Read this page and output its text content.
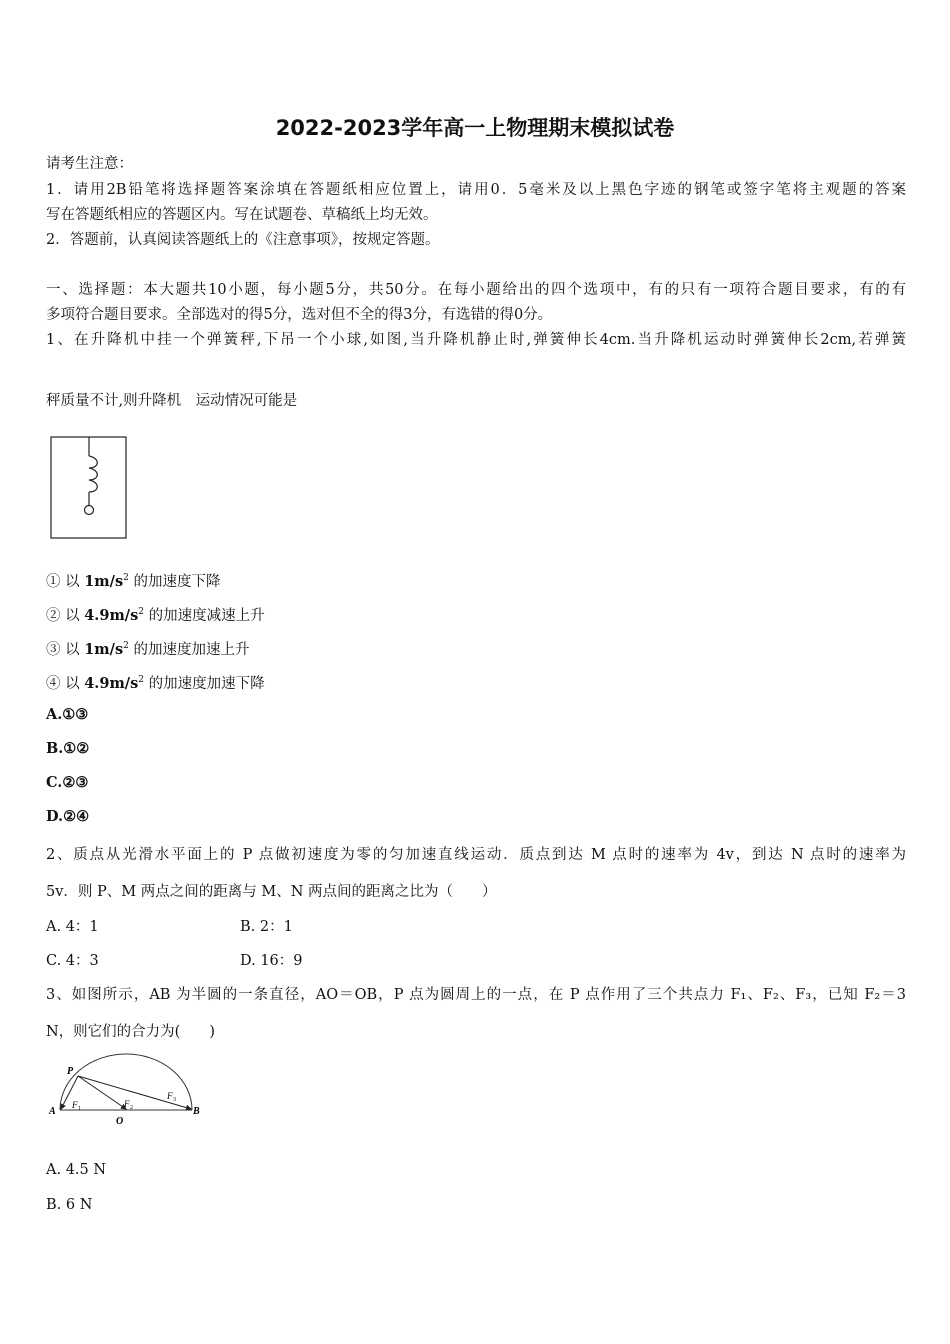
2022-2023学年高一上物理期末模拟试卷
请考生注意：
1．请用2B铅笔将选择题答案涂填在答题纸相应位置上，请用0．5毫米及以上黑色字迹的钢笔或签字笔将主观题的答案
写在答题纸相应的答题区内。写在试题卷、草稿纸上均无效。
2．答题前，认真阅读答题纸上的《注意事项》，按规定答题。
一、选择题：本大题共10小题，每小题5分，共50分。在每小题给出的四个选项中，有的只有一项符合题目要求，有的有
多项符合题目要求。全部选对的得5分，选对但不全的得3分，有选错的得0分。
1、在升降机中挂一个弹簧秤,下吊一个小球,如图,当升降机静止时,弹簧伸长4cm.当升降机运动时弹簧伸长2cm,若弹簧
秤质量不计,则升降机　运动情况可能是
① 以 $1m/s^2$ 的加速度下降
② 以 $4.9m/s^2$ 的加速度减速上升
③ 以 $1m/s^2$ 的加速度加速上升
④ 以 $4.9m/s^2$ 的加速度加速下降
A.①③
B.①②
C.②③
D.②④
2、质点从光滑水平面上的 P 点做初速度为零的匀加速直线运动．质点到达 M 点时的速率为 4v，到达 N 点时的速率为
5v．则 P、M 两点之间的距离与 M、N 两点间的距离之比为（　　）
A. 4：1	B. 2：1
C. 4：3	D. 16：9
3、如图所示，AB 为半圆的一条直径，AO＝OB，P 点为圆周上的一点，在 P 点作用了三个共点力 F₁、F₂、F₃，已知 F₂＝3
N，则它们的合力为(　　)
P
A
O
B
F 1	F 2
F 3
A. 4.5 N
B. 6 N
